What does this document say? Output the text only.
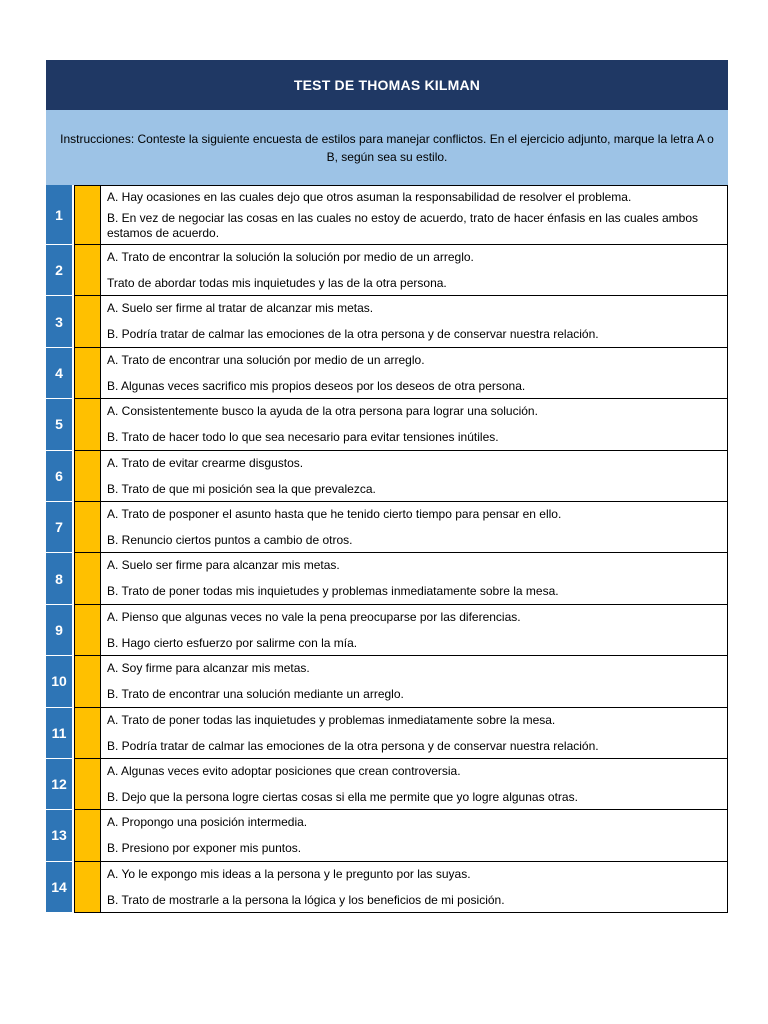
TEST DE THOMAS KILMAN
Instrucciones: Conteste la siguiente encuesta de estilos para manejar conflictos. En el ejercicio adjunto, marque la letra A o B, según sea su estilo.
1
A. Hay ocasiones en las cuales dejo que otros asuman la responsabilidad de resolver el problema.
B. En vez de negociar las cosas en las cuales no estoy de acuerdo, trato de hacer énfasis en las cuales ambos estamos de acuerdo.
2
A. Trato de encontrar la solución la solución por medio de un arreglo.
Trato de abordar todas mis inquietudes y las de la otra persona.
3
A. Suelo ser firme al tratar de alcanzar mis metas.
B. Podría tratar de calmar las emociones de la otra persona y de conservar nuestra relación.
4
A. Trato de encontrar una solución por medio de un arreglo.
B. Algunas veces sacrifico mis propios deseos por los deseos de otra persona.
5
A. Consistentemente busco la ayuda de la otra persona para lograr una solución.
B. Trato de hacer todo lo que sea necesario para evitar tensiones inútiles.
6
A. Trato de evitar crearme disgustos.
B. Trato de que mi posición sea la que prevalezca.
7
A. Trato de posponer el asunto hasta que he tenido cierto tiempo para pensar en ello.
B. Renuncio ciertos puntos a cambio de otros.
8
A. Suelo ser firme para alcanzar mis metas.
B. Trato de poner todas mis inquietudes y problemas inmediatamente sobre la mesa.
9
A. Pienso que algunas veces no vale la pena preocuparse por las diferencias.
B. Hago cierto esfuerzo por salirme con la mía.
10
A. Soy firme para alcanzar mis metas.
B. Trato de encontrar una solución mediante un arreglo.
11
A. Trato de poner todas las inquietudes y problemas inmediatamente sobre la mesa.
B. Podría tratar de calmar las emociones de la otra persona y de conservar nuestra relación.
12
A. Algunas veces evito adoptar posiciones que crean controversia.
B. Dejo que la persona logre ciertas cosas si ella me permite que yo logre algunas otras.
13
A. Propongo una posición intermedia.
B. Presiono por exponer mis puntos.
14
A. Yo le expongo mis ideas a la persona y le pregunto por las suyas.
B. Trato de mostrarle a la persona la lógica y los beneficios de mi posición.
